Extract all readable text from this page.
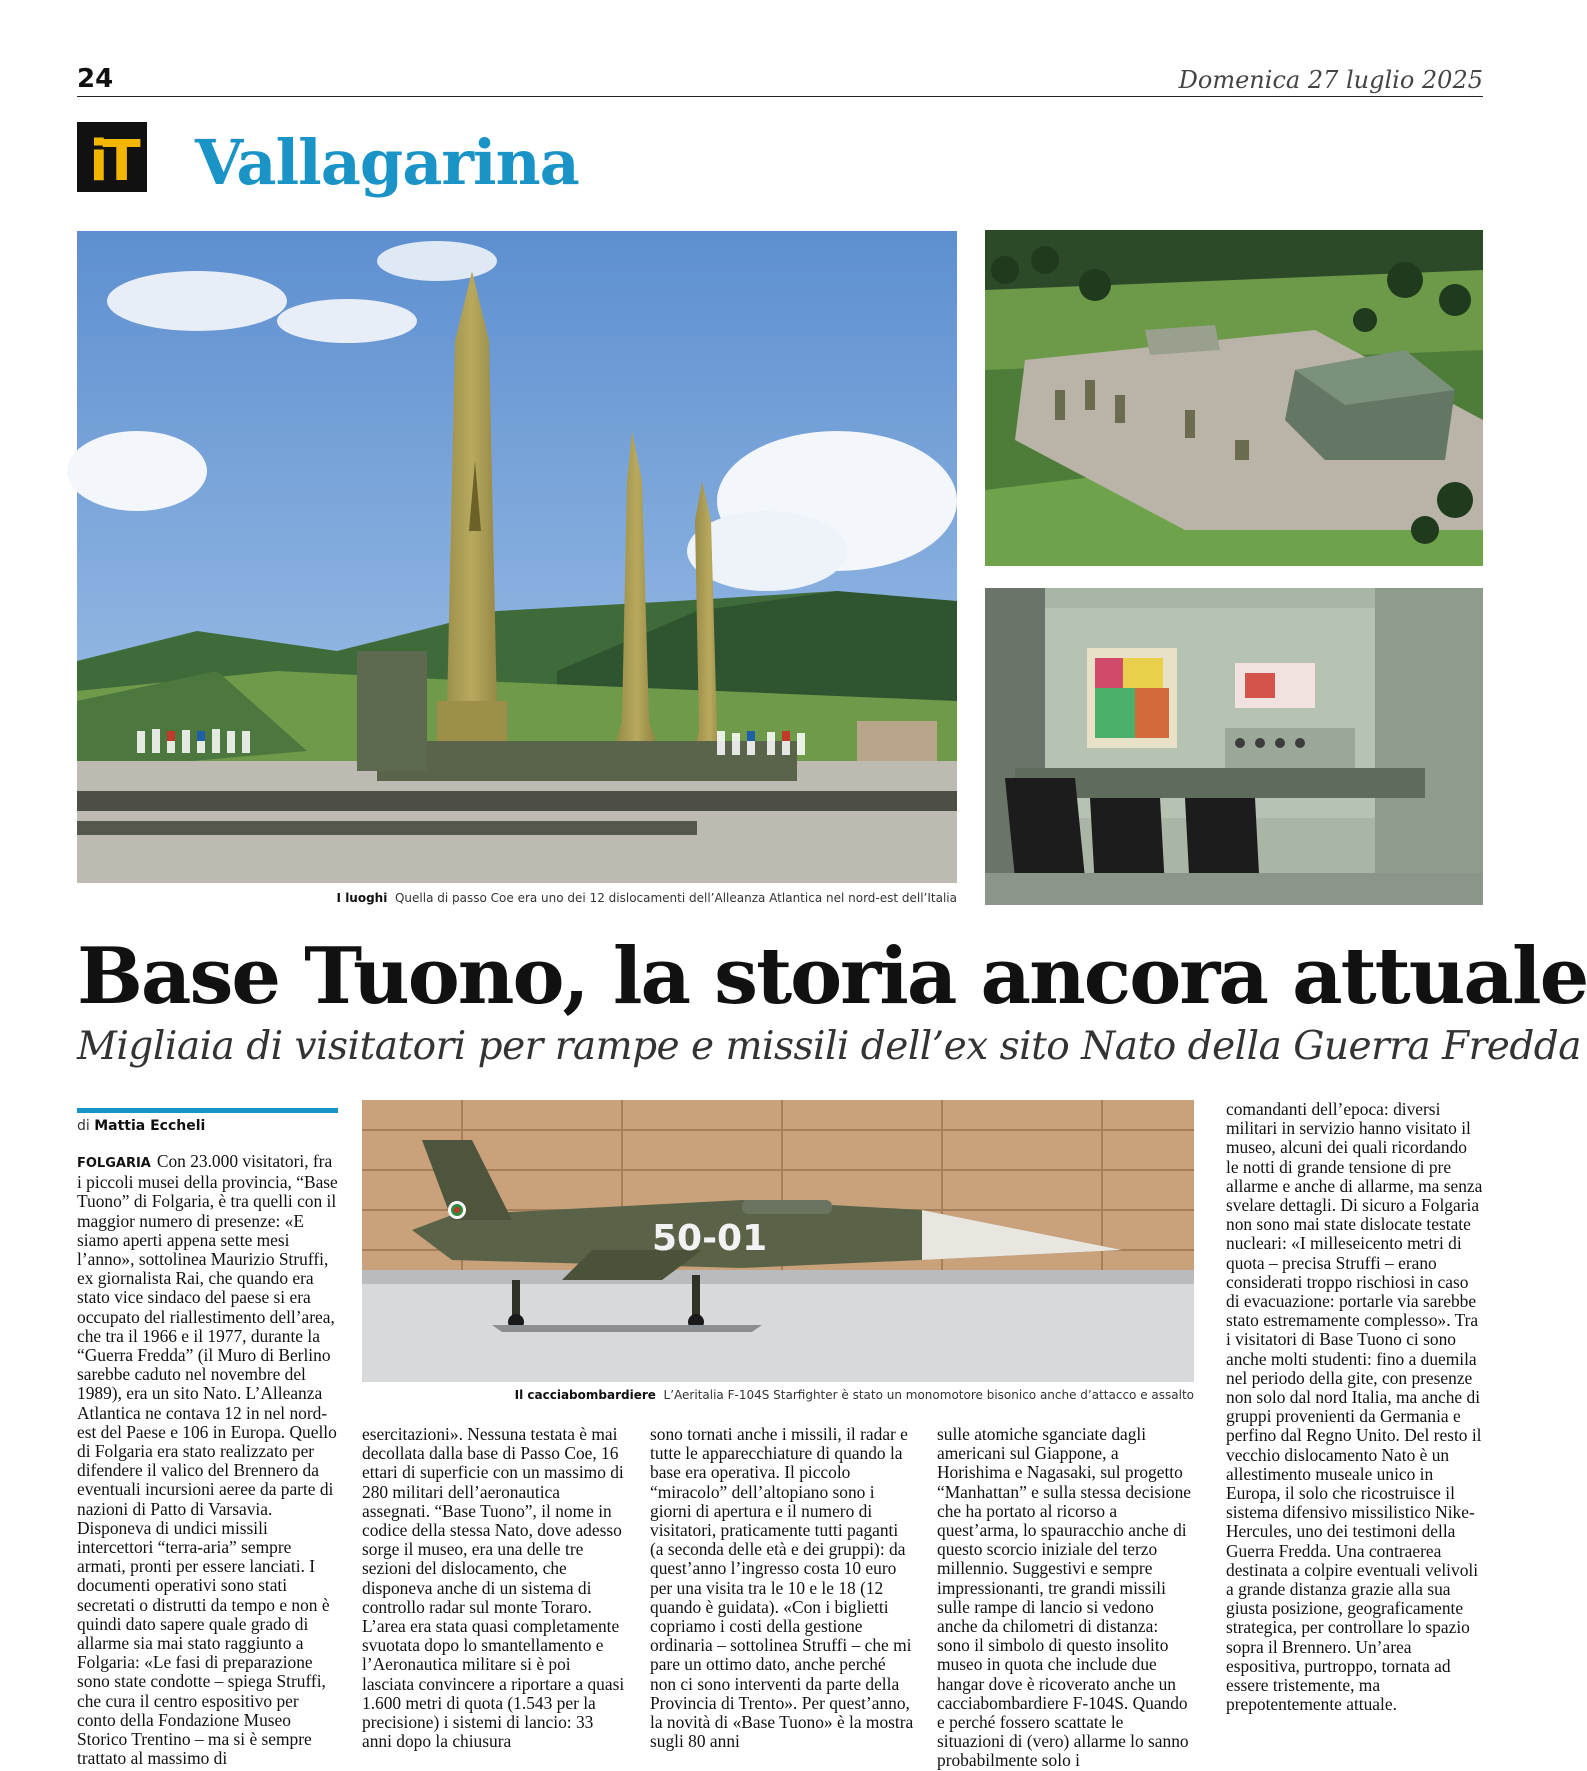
24	Domenica 27 luglio 2025
iT Vallagarina
I luoghi Quella di passo Coe era uno dei 12 dislocamenti dell’Alleanza Atlantica nel nord-est dell’Italia
Base Tuono, la storia ancora attuale
Migliaia di visitatori per rampe e missili dell’ex sito Nato della Guerra Fredda
di Mattia Eccheli
50-01
Il cacciabombardiere L’Aeritalia F-104S Starfighter è stato un monomotore bisonico anche d’attacco e assalto

FOLGARIA Con 23.000 visitatori, fra i piccoli musei della provincia, “Base Tuono” di Folgaria, è tra quelli con il maggior numero di presenze: «E siamo aperti appena sette mesi l’anno», sottolinea Maurizio Struffi, ex giornalista Rai, che quando era stato vice sindaco del paese si era occupato del riallestimento dell’area, che tra il 1966 e il 1977, durante la “Guerra Fredda” (il Muro di Berlino sarebbe caduto nel novembre del 1989), era un sito Nato. L’Alleanza Atlantica ne contava 12 in nel nord-est del Paese e 106 in Europa. Quello di Folgaria era stato realizzato per difendere il valico del Brennero da eventuali incursioni aeree da parte di nazioni di Patto di Varsavia. Disponeva di undici missili intercettori “terra-aria” sempre armati, pronti per essere lanciati. I documenti operativi sono stati secretati o distrutti da tempo e non è quindi dato sapere quale grado di allarme sia mai stato raggiunto a Folgaria: «Le fasi di preparazione sono state condotte – spiega Struffi, che cura il centro espositivo per conto della Fondazione Museo Storico Trentino – ma si è sempre trattato al massimo di

esercitazioni». Nessuna testata è mai decollata dalla base di Passo Coe, 16 ettari di superficie con un massimo di 280 militari dell’aeronautica assegnati. “Base Tuono”, il nome in codice della stessa Nato, dove adesso sorge il museo, era una delle tre sezioni del dislocamento, che disponeva anche di un sistema di controllo radar sul monte Toraro. L’area era stata quasi completamente svuotata dopo lo smantellamento e l’Aeronautica militare si è poi lasciata convincere a riportare a quasi 1.600 metri di quota (1.543 per la precisione) i sistemi di lancio: 33 anni dopo la chiusura

sono tornati anche i missili, il radar e tutte le apparecchiature di quando la base era operativa. Il piccolo “miracolo” dell’altopiano sono i giorni di apertura e il numero di visitatori, praticamente tutti paganti (a seconda delle età e dei gruppi): da quest’anno l’ingresso costa 10 euro per una visita tra le 10 e le 18 (12 quando è guidata). «Con i biglietti copriamo i costi della gestione ordinaria – sottolinea Struffi – che mi pare un ottimo dato, anche perché non ci sono interventi da parte della Provincia di Trento». Per quest’anno, la novità di «Base Tuono» è la mostra sugli 80 anni

sulle atomiche sganciate dagli americani sul Giappone, a Horishima e Nagasaki, sul progetto “Manhattan” e sulla stessa decisione che ha portato al ricorso a quest’arma, lo spauracchio anche di questo scorcio iniziale del terzo millennio. Suggestivi e sempre impressionanti, tre grandi missili sulle rampe di lancio si vedono anche da chilometri di distanza: sono il simbolo di questo insolito museo in quota che include due hangar dove è ricoverato anche un cacciabombardiere F-104S. Quando e perché fossero scattate le situazioni di (vero) allarme lo sanno probabilmente solo i

comandanti dell’epoca: diversi militari in servizio hanno visitato il museo, alcuni dei quali ricordando le notti di grande tensione di pre allarme e anche di allarme, ma senza svelare dettagli. Di sicuro a Folgaria non sono mai state dislocate testate nucleari: «I milleseicento metri di quota – precisa Struffi – erano considerati troppo rischiosi in caso di evacuazione: portarle via sarebbe stato estremamente complesso». Tra i visitatori di Base Tuono ci sono anche molti studenti: fino a duemila nel periodo della gite, con presenze non solo dal nord Italia, ma anche di gruppi provenienti da Germania e perfino dal Regno Unito. Del resto il vecchio dislocamento Nato è un allestimento museale unico in Europa, il solo che ricostruisce il sistema difensivo missilistico Nike-Hercules, uno dei testimoni della Guerra Fredda. Una contraerea destinata a colpire eventuali velivoli a grande distanza grazie alla sua giusta posizione, geograficamente strategica, per controllare lo spazio sopra il Brennero. Un’area espositiva, purtroppo, tornata ad essere tristemente, ma prepotentemente attuale.
